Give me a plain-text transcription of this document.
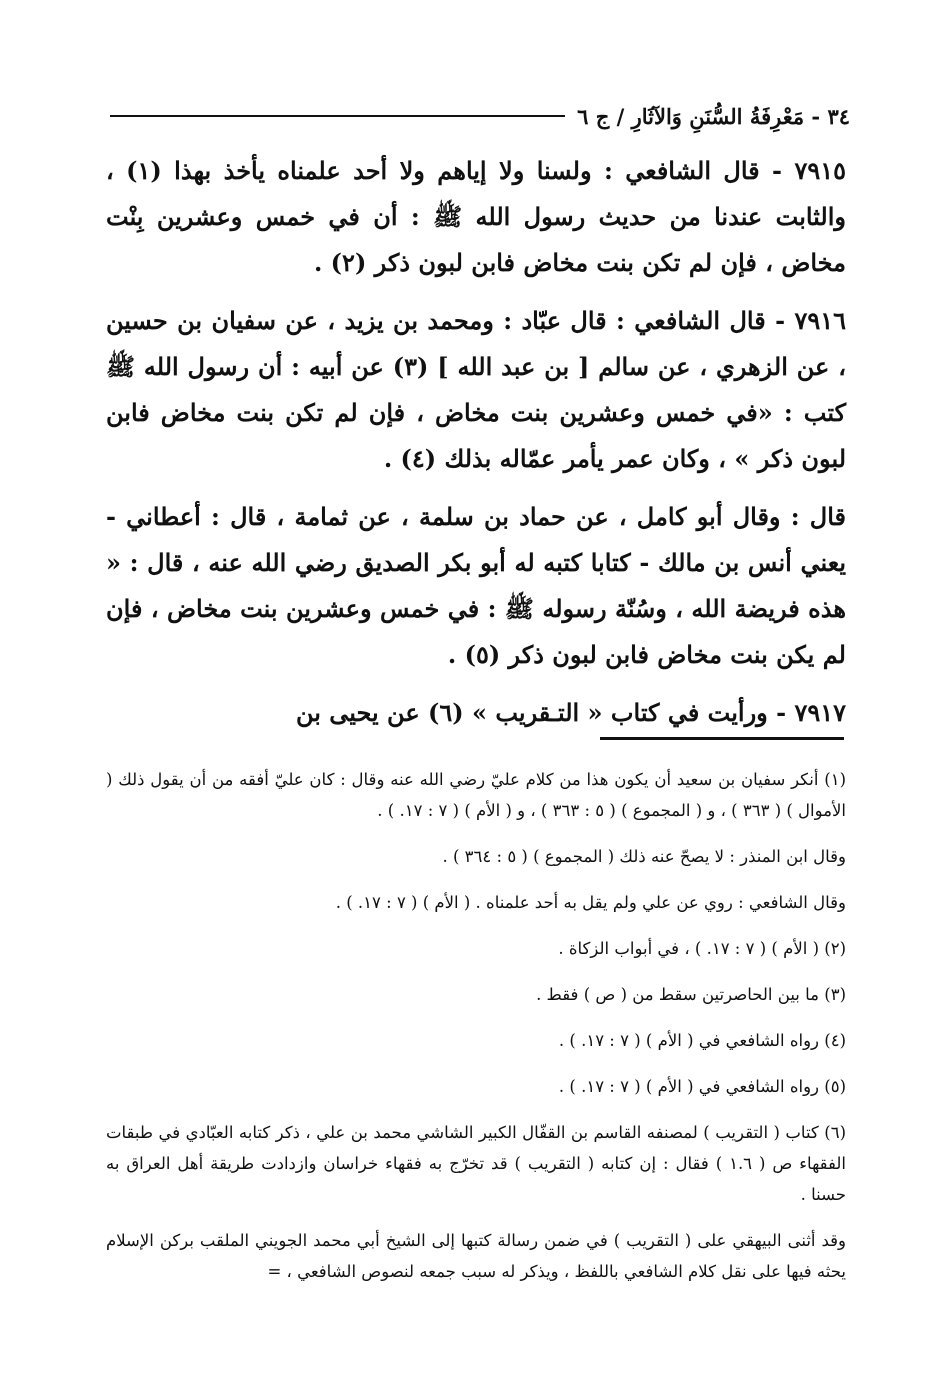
٣٤ - مَعْرِفَةُ السُّنَنِ وَالآثَارِ / ج ٦

٧٩١٥ - قال الشافعي : ولسنا ولا إياهم ولا أحد علمناه يأخذ بهذا (١) ، والثابت عندنا من حديث رسول الله ﷺ : أن في خمس وعشرين بِنْت مخاض ، فإن لم تكن بنت مخاض فابن لبون ذكر (٢) .

٧٩١٦ - قال الشافعي : قال عبّاد : ومحمد بن يزيد ، عن سفيان بن حسين ، عن الزهري ، عن سالم [ بن عبد الله ] (٣) عن أبيه : أن رسول الله ﷺ كتب : «في خمس وعشرين بنت مخاض ، فإن لم تكن بنت مخاض فابن لبون ذكر » ، وكان عمر يأمر عمّاله بذلك (٤) .

قال : وقال أبو كامل ، عن حماد بن سلمة ، عن ثمامة ، قال : أعطاني - يعني أنس بن مالك - كتابا كتبه له أبو بكر الصديق رضي الله عنه ، قال : « هذه فريضة الله ، وسُنّة رسوله ﷺ : في خمس وعشرين بنت مخاض ، فإن لم يكن بنت مخاض فابن لبون ذكر (٥) .

٧٩١٧ - ورأيت في كتاب « التـقريب » (٦) عن يحيى بن

(١) أنكر سفيان بن سعيد أن يكون هذا من كلام عليّ رضي الله عنه وقال : كان عليّ أفقه من أن يقول ذلك ( الأموال ) ( ٣٦٣ ) ، و ( المجموع ) ( ٥ : ٣٦٣ ) ، و ( الأم ) ( ٧ : ١٧. ) .

وقال ابن المنذر : لا يصحّ عنه ذلك ( المجموع ) ( ٥ : ٣٦٤ ) .

وقال الشافعي : روي عن علي ولم يقل به أحد علمناه . ( الأم ) ( ٧ : ١٧. ) .

(٢) ( الأم ) ( ٧ : ١٧. ) ، في أبواب الزكاة .

(٣) ما بين الحاصرتين سقط من ( ص ) فقط .

(٤) رواه الشافعي في ( الأم ) ( ٧ : ١٧. ) .

(٥) رواه الشافعي في ( الأم ) ( ٧ : ١٧. ) .

(٦) كتاب ( التقريب ) لمصنفه القاسم بن القفّال الكبير الشاشي محمد بن علي ، ذكر كتابه العبّادي في طبقات الفقهاء ص ( ١.٦ ) فقال : إن كتابه ( التقريب ) قد تخرّج به فقهاء خراسان وازدادت طريقة أهل العراق به حسنا .

وقد أثنى البيهقي على ( التقريب ) في ضمن رسالة كتبها إلى الشيخ أبي محمد الجويني الملقب بركن الإسلام يحثه فيها على نقل كلام الشافعي باللفظ ، ويذكر له سبب جمعه لنصوص الشافعي ، =
